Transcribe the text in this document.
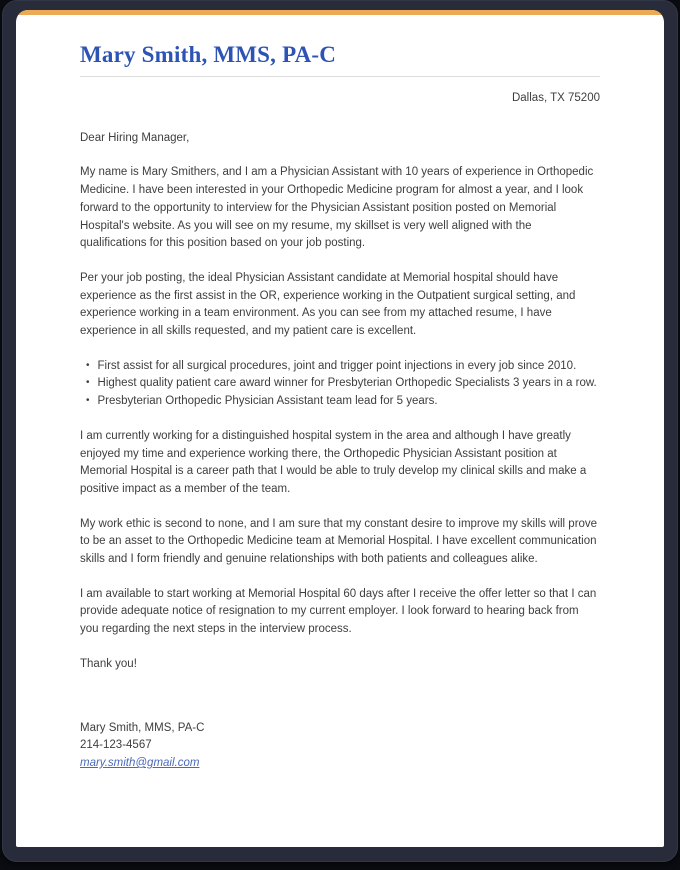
Mary Smith, MMS, PA-C
Dallas, TX 75200

Dear Hiring Manager,

My name is Mary Smithers, and I am a Physician Assistant with 10 years of experience in Orthopedic Medicine. I have been interested in your Orthopedic Medicine program for almost a year, and I look forward to the opportunity to interview for the Physician Assistant position posted on Memorial Hospital's website. As you will see on my resume, my skillset is very well aligned with the qualifications for this position based on your job posting.

Per your job posting, the ideal Physician Assistant candidate at Memorial hospital should have experience as the first assist in the OR, experience working in the Outpatient surgical setting, and experience working in a team environment. As you can see from my attached resume, I have experience in all skills requested, and my patient care is excellent.

• First assist for all surgical procedures, joint and trigger point injections in every job since 2010.
• Highest quality patient care award winner for Presbyterian Orthopedic Specialists 3 years in a row.
• Presbyterian Orthopedic Physician Assistant team lead for 5 years.

I am currently working for a distinguished hospital system in the area and although I have greatly enjoyed my time and experience working there, the Orthopedic Physician Assistant position at Memorial Hospital is a career path that I would be able to truly develop my clinical skills and make a positive impact as a member of the team.

My work ethic is second to none, and I am sure that my constant desire to improve my skills will prove to be an asset to the Orthopedic Medicine team at Memorial Hospital. I have excellent communication skills and I form friendly and genuine relationships with both patients and colleagues alike.

I am available to start working at Memorial Hospital 60 days after I receive the offer letter so that I can provide adequate notice of resignation to my current employer. I look forward to hearing back from you regarding the next steps in the interview process.

Thank you!

Mary Smith, MMS, PA-C
214-123-4567
mary.smith@gmail.com
